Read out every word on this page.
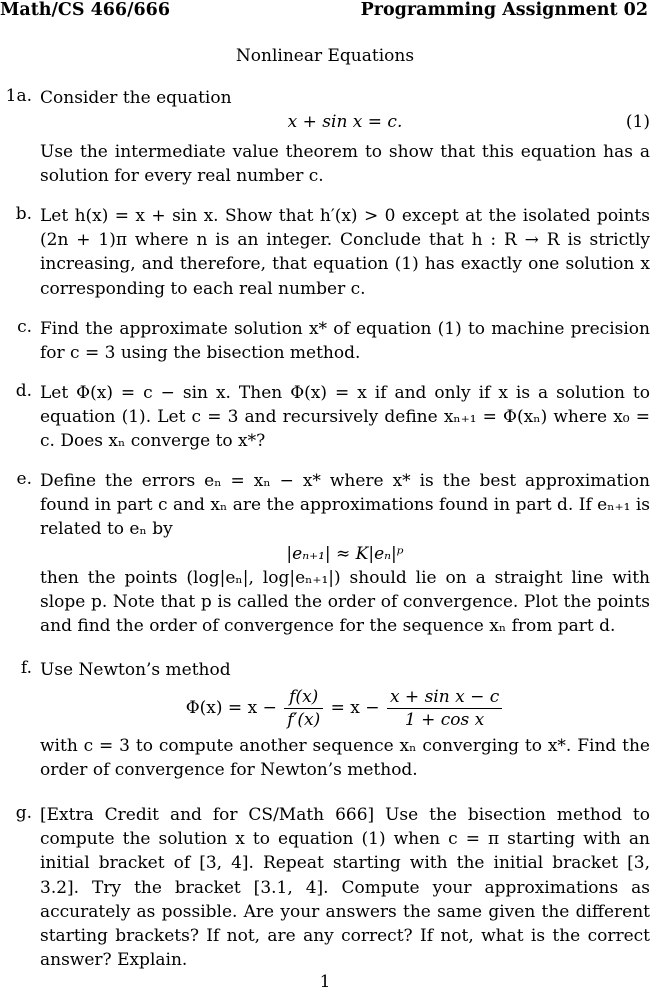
Math/CS 466/666	Programming Assignment 02
Nonlinear Equations
1a. Consider the equation

x + sin x = c.	(1)

Use the intermediate value theorem to show that this equation has a solution for every real number c.

b. Let h(x) = x + sin x. Show that h′(x) > 0 except at the isolated points (2n + 1)π where n is an integer. Conclude that h : R → R is strictly increasing, and therefore, that equation (1) has exactly one solution x corresponding to each real number c.

c. Find the approximate solution x* of equation (1) to machine precision for c = 3 using the bisection method.

d. Let Φ(x) = c − sin x. Then Φ(x) = x if and only if x is a solution to equation (1). Let c = 3 and recursively define xₙ₊₁ = Φ(xₙ) where x₀ = c. Does xₙ converge to x*?

e. Define the errors eₙ = xₙ − x* where x* is the best approximation found in part c and xₙ are the approximations found in part d. If eₙ₊₁ is related to eₙ by

|eₙ₊₁| ≈ K|eₙ|ᵖ

then the points (log|eₙ|, log|eₙ₊₁|) should lie on a straight line with slope p. Note that p is called the order of convergence. Plot the points and find the order of convergence for the sequence xₙ from part d.

f. Use Newton’s method

$\Phi(x) = x - \frac{f(x)}{f'(x)} = x - \frac{\text{x + sin x − c}}{\text{1 + cos x}}$

with c = 3 to compute another sequence xₙ converging to x*. Find the order of convergence for Newton’s method.

g. [Extra Credit and for CS/Math 666] Use the bisection method to compute the solution x to equation (1) when c = π starting with an initial bracket of [3, 4]. Repeat starting with the initial bracket [3, 3.2]. Try the bracket [3.1, 4]. Compute your approximations as accurately as possible. Are your answers the same given the different starting brackets? If not, are any correct? If not, what is the correct answer? Explain.

1
